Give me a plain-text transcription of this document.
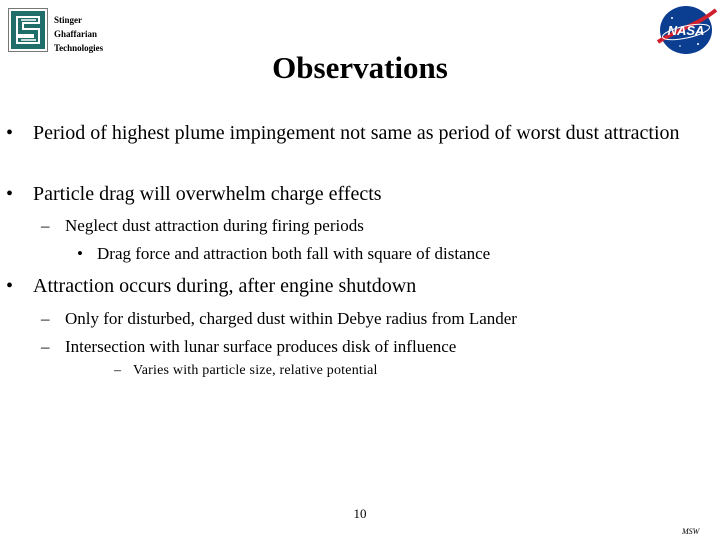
Stinger
Ghaffarian
Technologies
NASA
Observations
• Period of highest plume impingement not same as period of worst dust attraction
• Particle drag will overwhelm charge effects
– Neglect dust attraction during firing periods
• Drag force and attraction both fall with square of distance
• Attraction occurs during, after engine shutdown
– Only for disturbed, charged dust within Debye radius from Lander
– Intersection with lunar surface produces disk of influence
– Varies with particle size, relative potential
10
MSW
